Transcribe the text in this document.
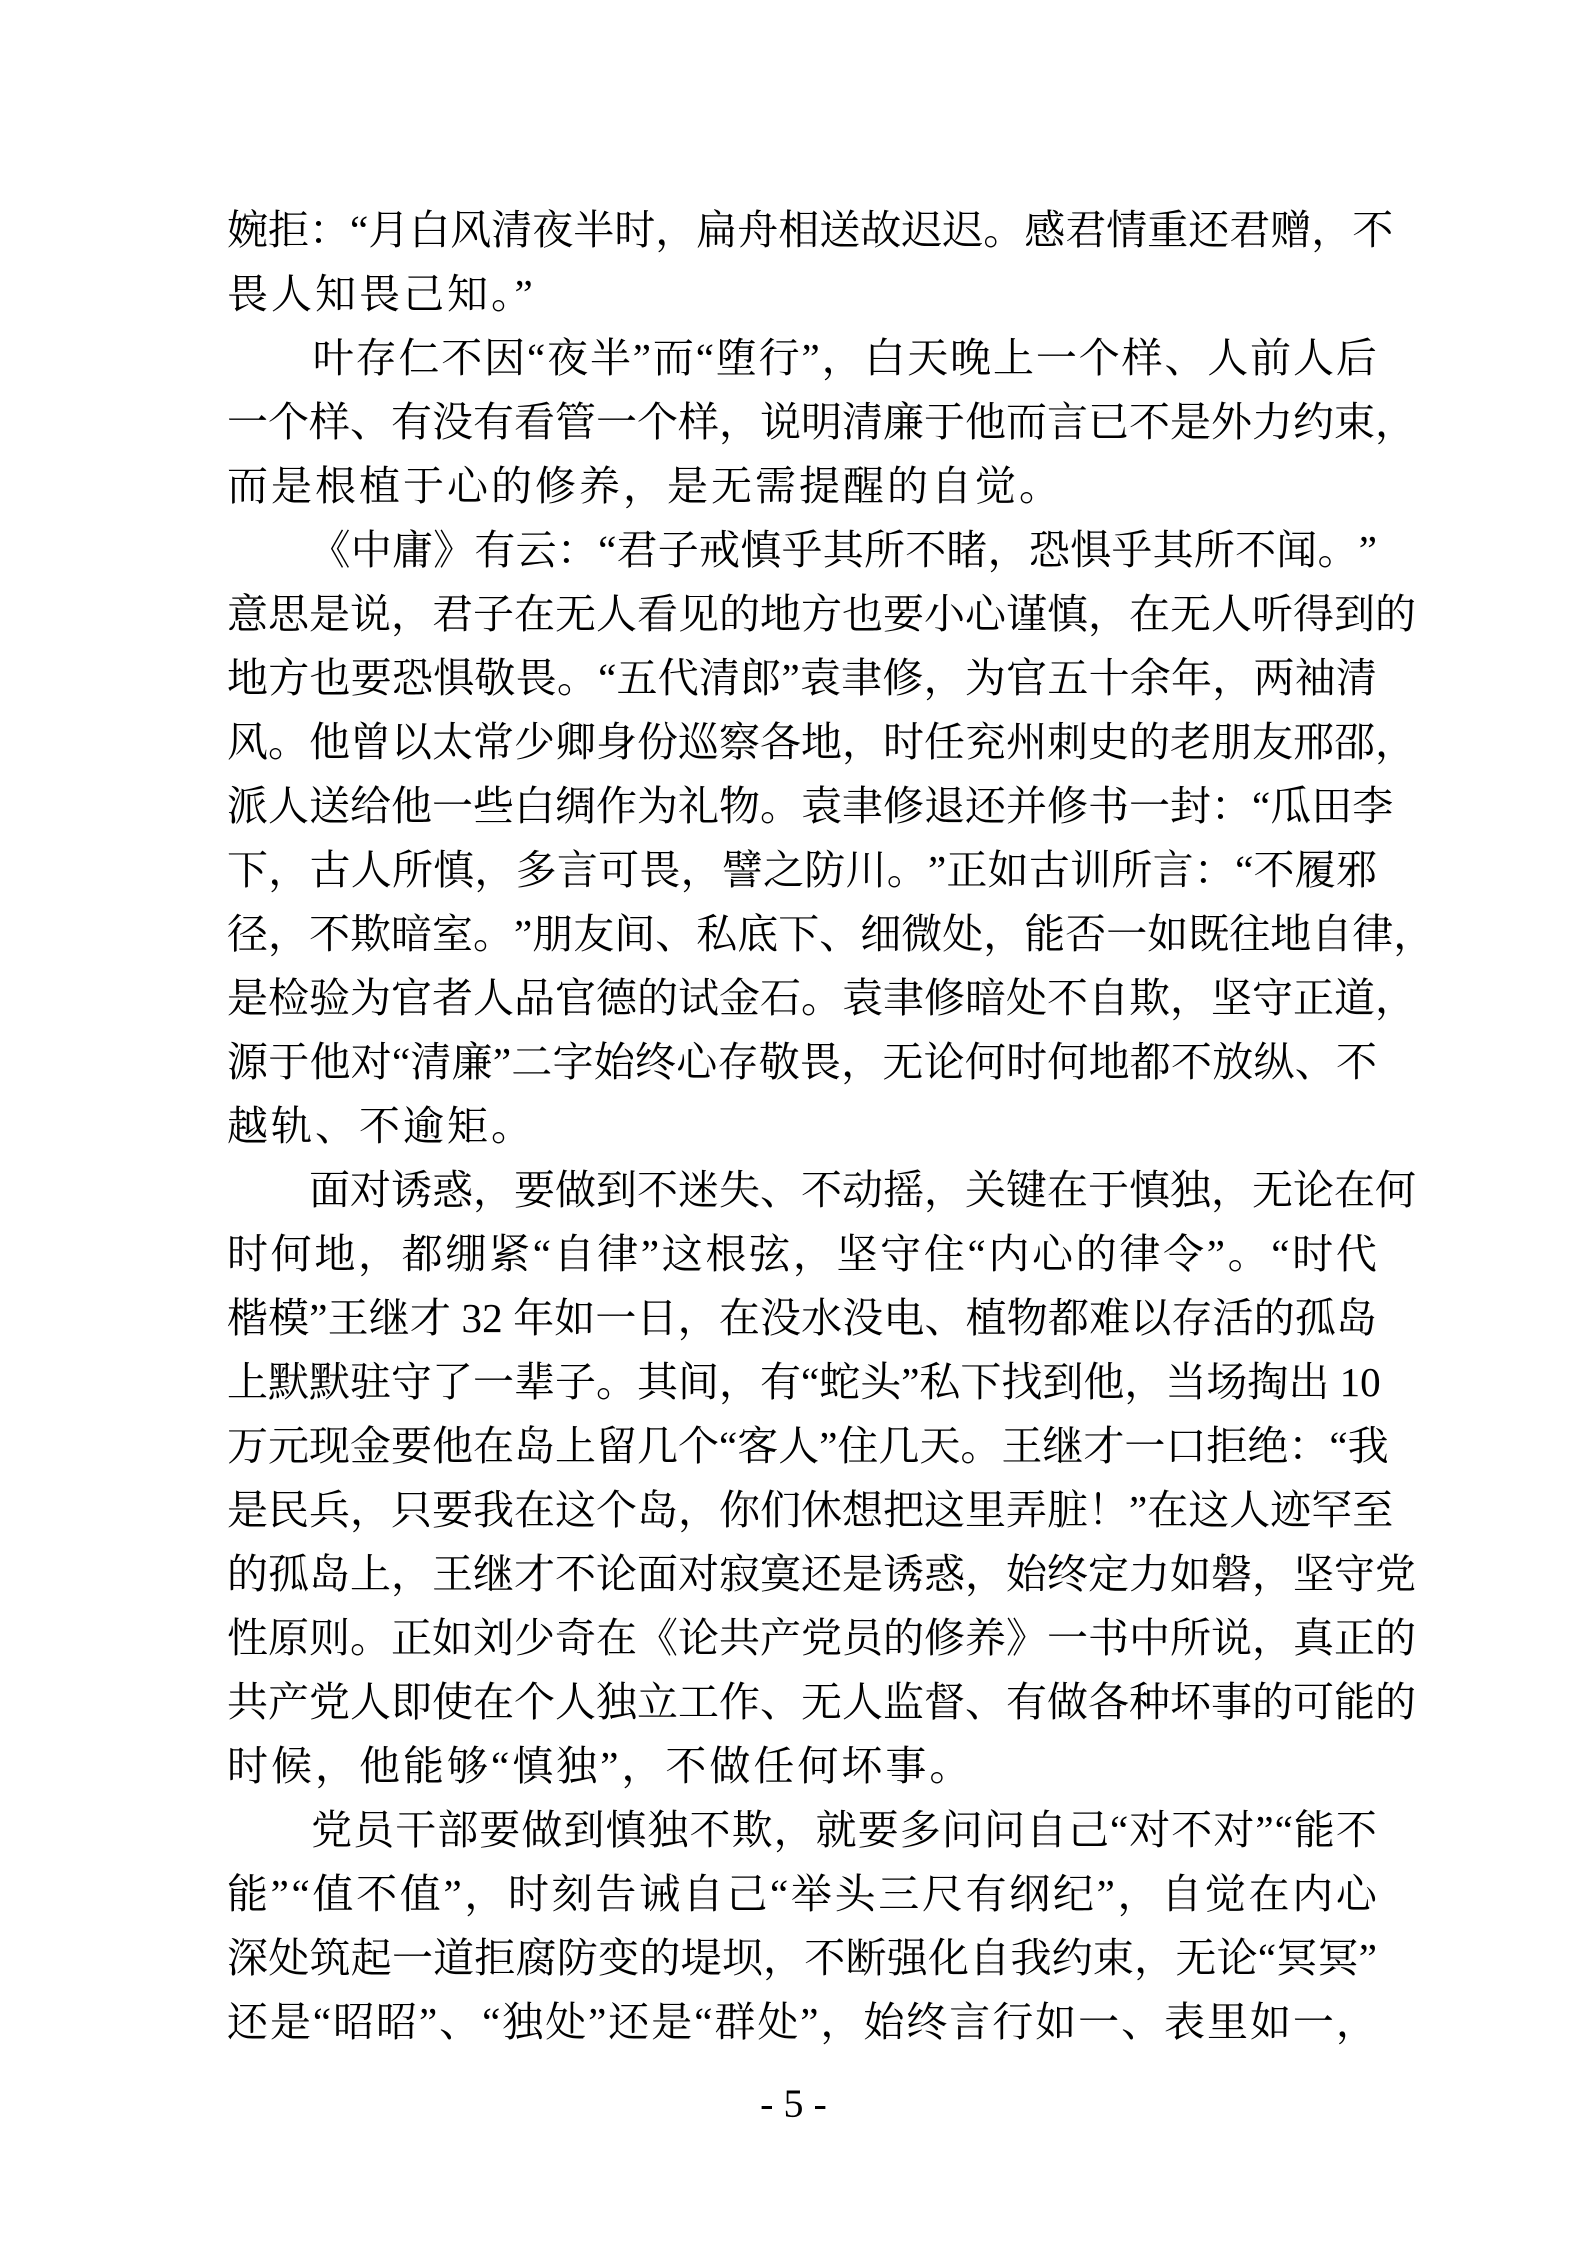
婉 拒 ： “ 月 白 风 清 夜 半 时 ， 扁 舟 相 送 故 迟 迟 。 感 君 情 重 还 君 赠 ， 不
畏人知畏己知。”

叶 存 仁 不 因 “ 夜 半 ” 而 “ 堕 行 ” ， 白 天 晚 上 一 个 样 、 人 前 人 后
一 个 样 、 有 没 有 看 管 一 个 样 ， 说 明 清 廉 于 他 而 言 已 不 是 外 力 约 束 ，
而是根植于心的修养，是无需提醒的自觉。

《 中 庸 》 有 云 ： “ 君 子 戒 慎 乎 其 所 不 睹 ， 恐 惧 乎 其 所 不 闻 。 ”
意 思 是 说 ， 君 子 在 无 人 看 见 的 地 方 也 要 小 心 谨 慎 ， 在 无 人 听 得 到 的
地 方 也 要 恐 惧 敬 畏 。 “ 五 代 清 郎 ” 袁 聿 修 ， 为 官 五 十 余 年 ， 两 袖 清
风 。 他 曾 以 太 常 少 卿 身 份 巡 察 各 地 ， 时 任 兖 州 刺 史 的 老 朋 友 邢 邵 ，
派 人 送 给 他 一 些 白 绸 作 为 礼 物 。 袁 聿 修 退 还 并 修 书 一 封 ： “ 瓜 田 李
下 ， 古 人 所 慎 ， 多 言 可 畏 ， 譬 之 防 川 。 ” 正 如 古 训 所 言 ： “ 不 履 邪
径 ， 不 欺 暗 室 。 ” 朋 友 间 、 私 底 下 、 细 微 处 ， 能 否 一 如 既 往 地 自 律 ，
是 检 验 为 官 者 人 品 官 德 的 试 金 石 。 袁 聿 修 暗 处 不 自 欺 ， 坚 守 正 道 ，
源 于 他 对 “ 清 廉 ” 二 字 始 终 心 存 敬 畏 ， 无 论 何 时 何 地 都 不 放 纵 、 不
越轨、不逾矩。

面 对 诱 惑 ， 要 做 到 不 迷 失 、 不 动 摇 ， 关 键 在 于 慎 独 ， 无 论 在 何
时 何 地 ， 都 绷 紧 “ 自 律 ” 这 根 弦 ， 坚 守 住 “ 内 心 的 律 令 ” 。 “ 时 代
楷 模 ” 王 继 才
3 2
年 如 一 日 ， 在 没 水 没 电 、 植 物 都 难 以 存 活 的 孤 岛
上 默 默 驻 守 了 一 辈 子 。 其 间 ， 有 “ 蛇 头 ” 私 下 找 到 他 ， 当 场 掏 出
1 0
万 元 现 金 要 他 在 岛 上 留 几 个 “ 客 人 ” 住 几 天 。 王 继 才 一 口 拒 绝 ： “ 我
是 民 兵 ， 只 要 我 在 这 个 岛 ， 你 们 休 想 把 这 里 弄 脏 ！ ” 在 这 人 迹 罕 至
的 孤 岛 上 ， 王 继 才 不 论 面 对 寂 寞 还 是 诱 惑 ， 始 终 定 力 如 磐 ， 坚 守 党
性 原 则 。 正 如 刘 少 奇 在 《 论 共 产 党 员 的 修 养 》 一 书 中 所 说 ， 真 正 的
共 产 党 人 即 使 在 个 人 独 立 工 作 、 无 人 监 督 、 有 做 各 种 坏 事 的 可 能 的
时候，他能够“慎独”，不做任何坏事。

党 员 干 部 要 做 到 慎 独 不 欺 ， 就 要 多 问 问 自 己 “ 对 不 对 ” “ 能 不
能 ” “ 值 不 值 ” ， 时 刻 告 诫 自 己 “ 举 头 三 尺 有 纲 纪 ” ， 自 觉 在 内 心
深 处 筑 起 一 道 拒 腐 防 变 的 堤 坝 ， 不 断 强 化 自 我 约 束 ， 无 论 “ 冥 冥 ”
还 是 “ 昭 昭 ” 、 “ 独 处 ” 还 是 “ 群 处 ” ， 始 终 言 行 如 一 、 表 里 如 一 ，
- 5 -
